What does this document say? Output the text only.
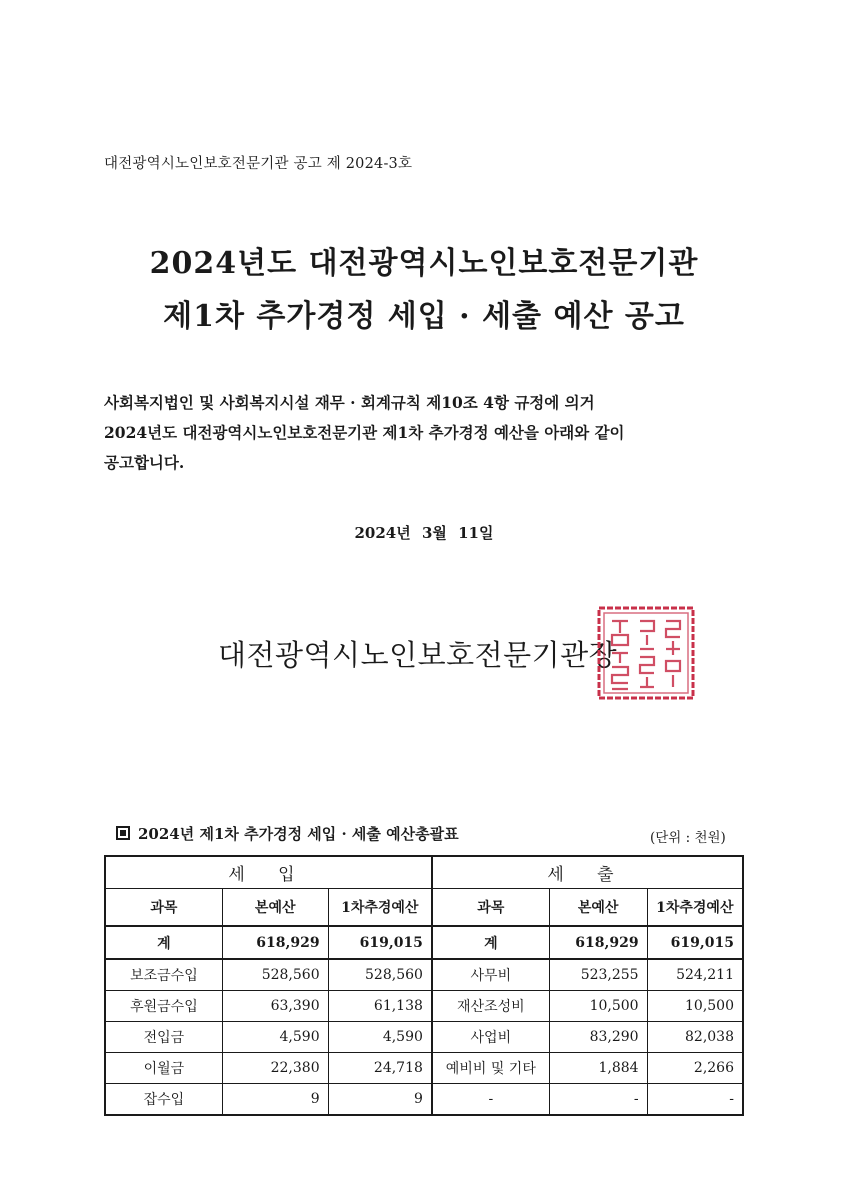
대전광역시노인보호전문기관 공고 제 2024-3호
2024년도 대전광역시노인보호전문기관
제1차 추가경정 세입 · 세출 예산 공고
사회복지법인 및 사회복지시설 재무 · 회계규칙 제10조 4항 규정에 의거
2024년도 대전광역시노인보호전문기관 제1차 추가경정 예산을 아래와 같이
공고합니다.
2024년 3월 11일
대전광역시노인보호전문기관장
2024년 제1차 추가경정 세입 · 세출 예산총괄표	(단위 : 천원)
세 입			세 출		
과목	본예산	1차추경예산	과목	본예산	1차추경예산
계	618,929	619,015	계	618,929	619,015
보조금수입	528,560	528,560	사무비	523,255	524,211
후원금수입	63,390	61,138	재산조성비	10,500	10,500
전입금	4,590	4,590	사업비	83,290	82,038
이월금	22,380	24,718	예비비 및 기타	1,884	2,266
잡수입	9	9	-	-	-
